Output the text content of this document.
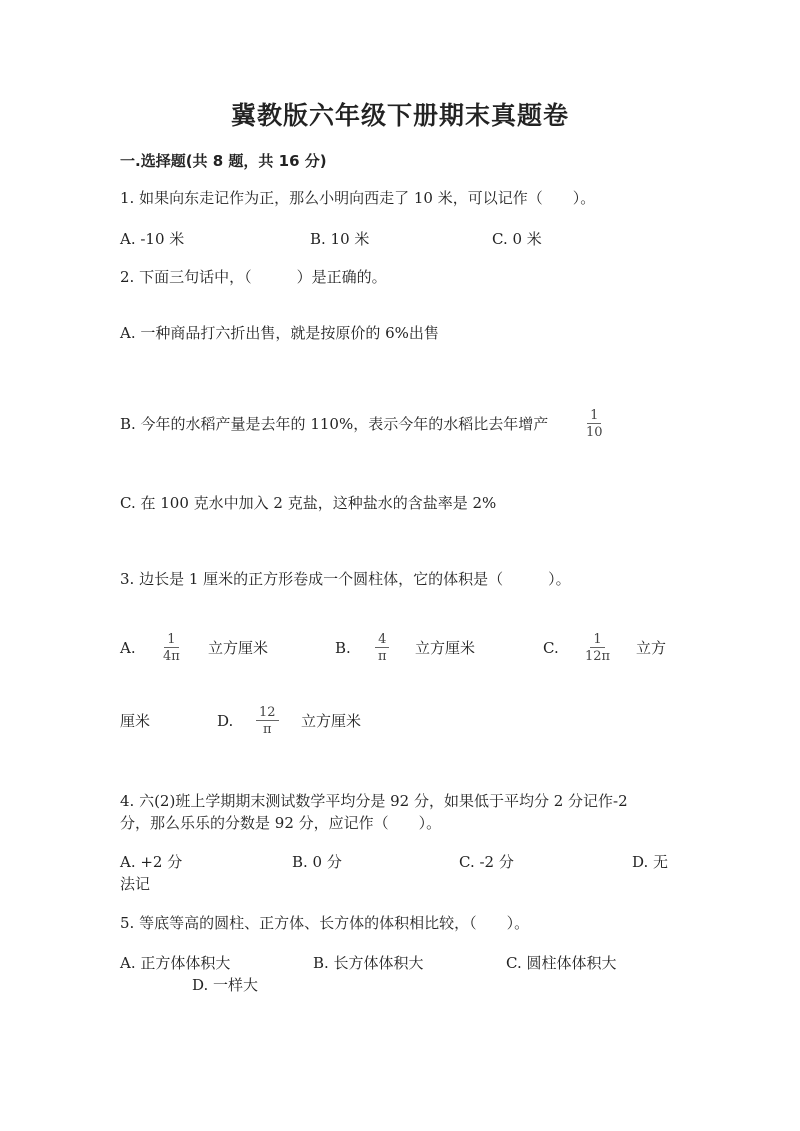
冀教版六年级下册期末真题卷
一.选择题(共 8 题，共 16 分)
1. 如果向东走记作为正，那么小明向西走了 10 米，可以记作（　　）。
A. -10 米	B. 10 米	C. 0 米
2. 下面三句话中，（　　　）是正确的。
A. 一种商品打六折出售，就是按原价的 6%出售
B. 今年的水稻产量是去年的 110%，表示今年的水稻比去年增产	$\frac{1}{10}$
C. 在 100 克水中加入 2 克盐，这种盐水的含盐率是 2%
3. 边长是 1 厘米的正方形卷成一个圆柱体，它的体积是（　　　）。
A. $\frac{1}{4\pi}$ 立方厘米	B. $\frac{4}{\pi}$ 立方厘米	C. $\frac{1}{12\pi}$ 立方
厘米	D. $\frac{12}{\pi}$ 立方厘米
4. 六(2)班上学期期末测试数学平均分是 92 分，如果低于平均分 2 分记作-2
分，那么乐乐的分数是 92 分，应记作（　　）。
A. +2 分	B. 0 分	C. -2 分	D. 无
法记
5. 等底等高的圆柱、正方体、长方体的体积相比较，（　　）。
A. 正方体体积大	B. 长方体体积大	C. 圆柱体体积大
D. 一样大
